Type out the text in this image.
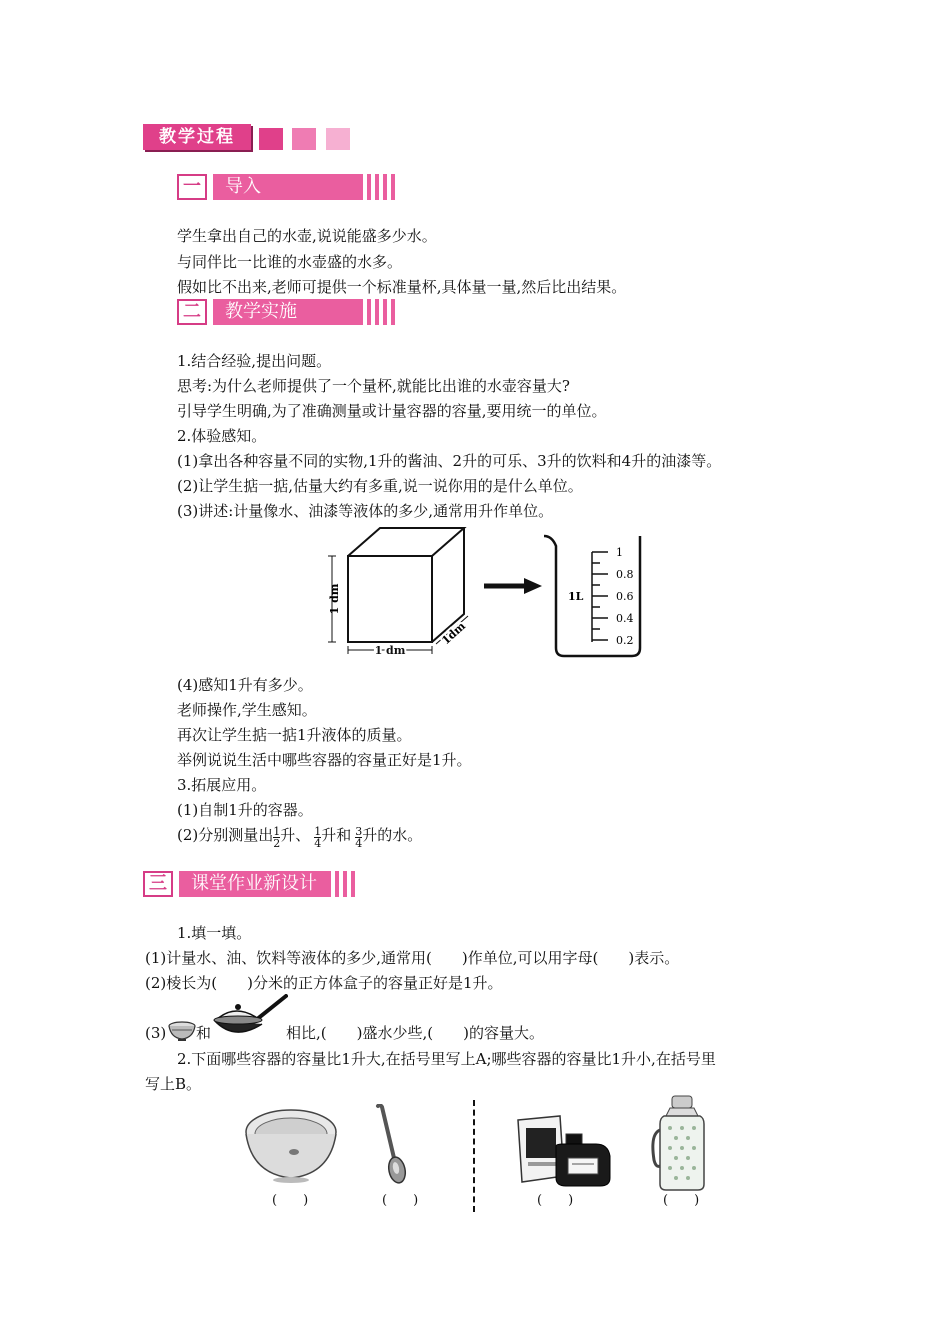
教学过程
一	导入
学生拿出自己的水壶,说说能盛多少水。
与同伴比一比谁的水壶盛的水多。
假如比不出来,老师可提供一个标准量杯,具体量一量,然后比出结果。
二	教学实施
1.结合经验,提出问题。
思考:为什么老师提供了一个量杯,就能比出谁的水壶容量大?
引导学生明确,为了准确测量或计量容器的容量,要用统一的单位。
2.体验感知。
(1)拿出各种容量不同的实物,1升的酱油、2升的可乐、3升的饮料和4升的油漆等。
(2)让学生掂一掂,估量大约有多重,说一说你用的是什么单位。
(3)讲述:计量像水、油漆等液体的多少,通常用升作单位。
1 dm
1 dm
1dm
1L
1
0.8
0.6
0.4
0.2
(4)感知1升有多少。
老师操作,学生感知。
再次让学生掂一掂1升液体的质量。
举例说说生活中哪些容器的容量正好是1升。
3.拓展应用。
(1)自制1升的容器。
(2)分别测量出 $\frac{1}{2}$ 升、 $\frac{1}{4}$ 升和 $\frac{3}{4}$ 升的水。
三	课堂作业新设计
1.填一填。
(1)计量水、油、饮料等液体的多少,通常用(　　)作单位,可以用字母(　　)表示。
(2)棱长为(　　)分米的正方体盒子的容量正好是1升。
(3) 和	相比,(　　)盛水少些,(　　)的容量大。
2.下面哪些容器的容量比1升大,在括号里写上A;哪些容器的容量比1升小,在括号里
写上B。
(　　)	(　　)	(　　)	(　　)
